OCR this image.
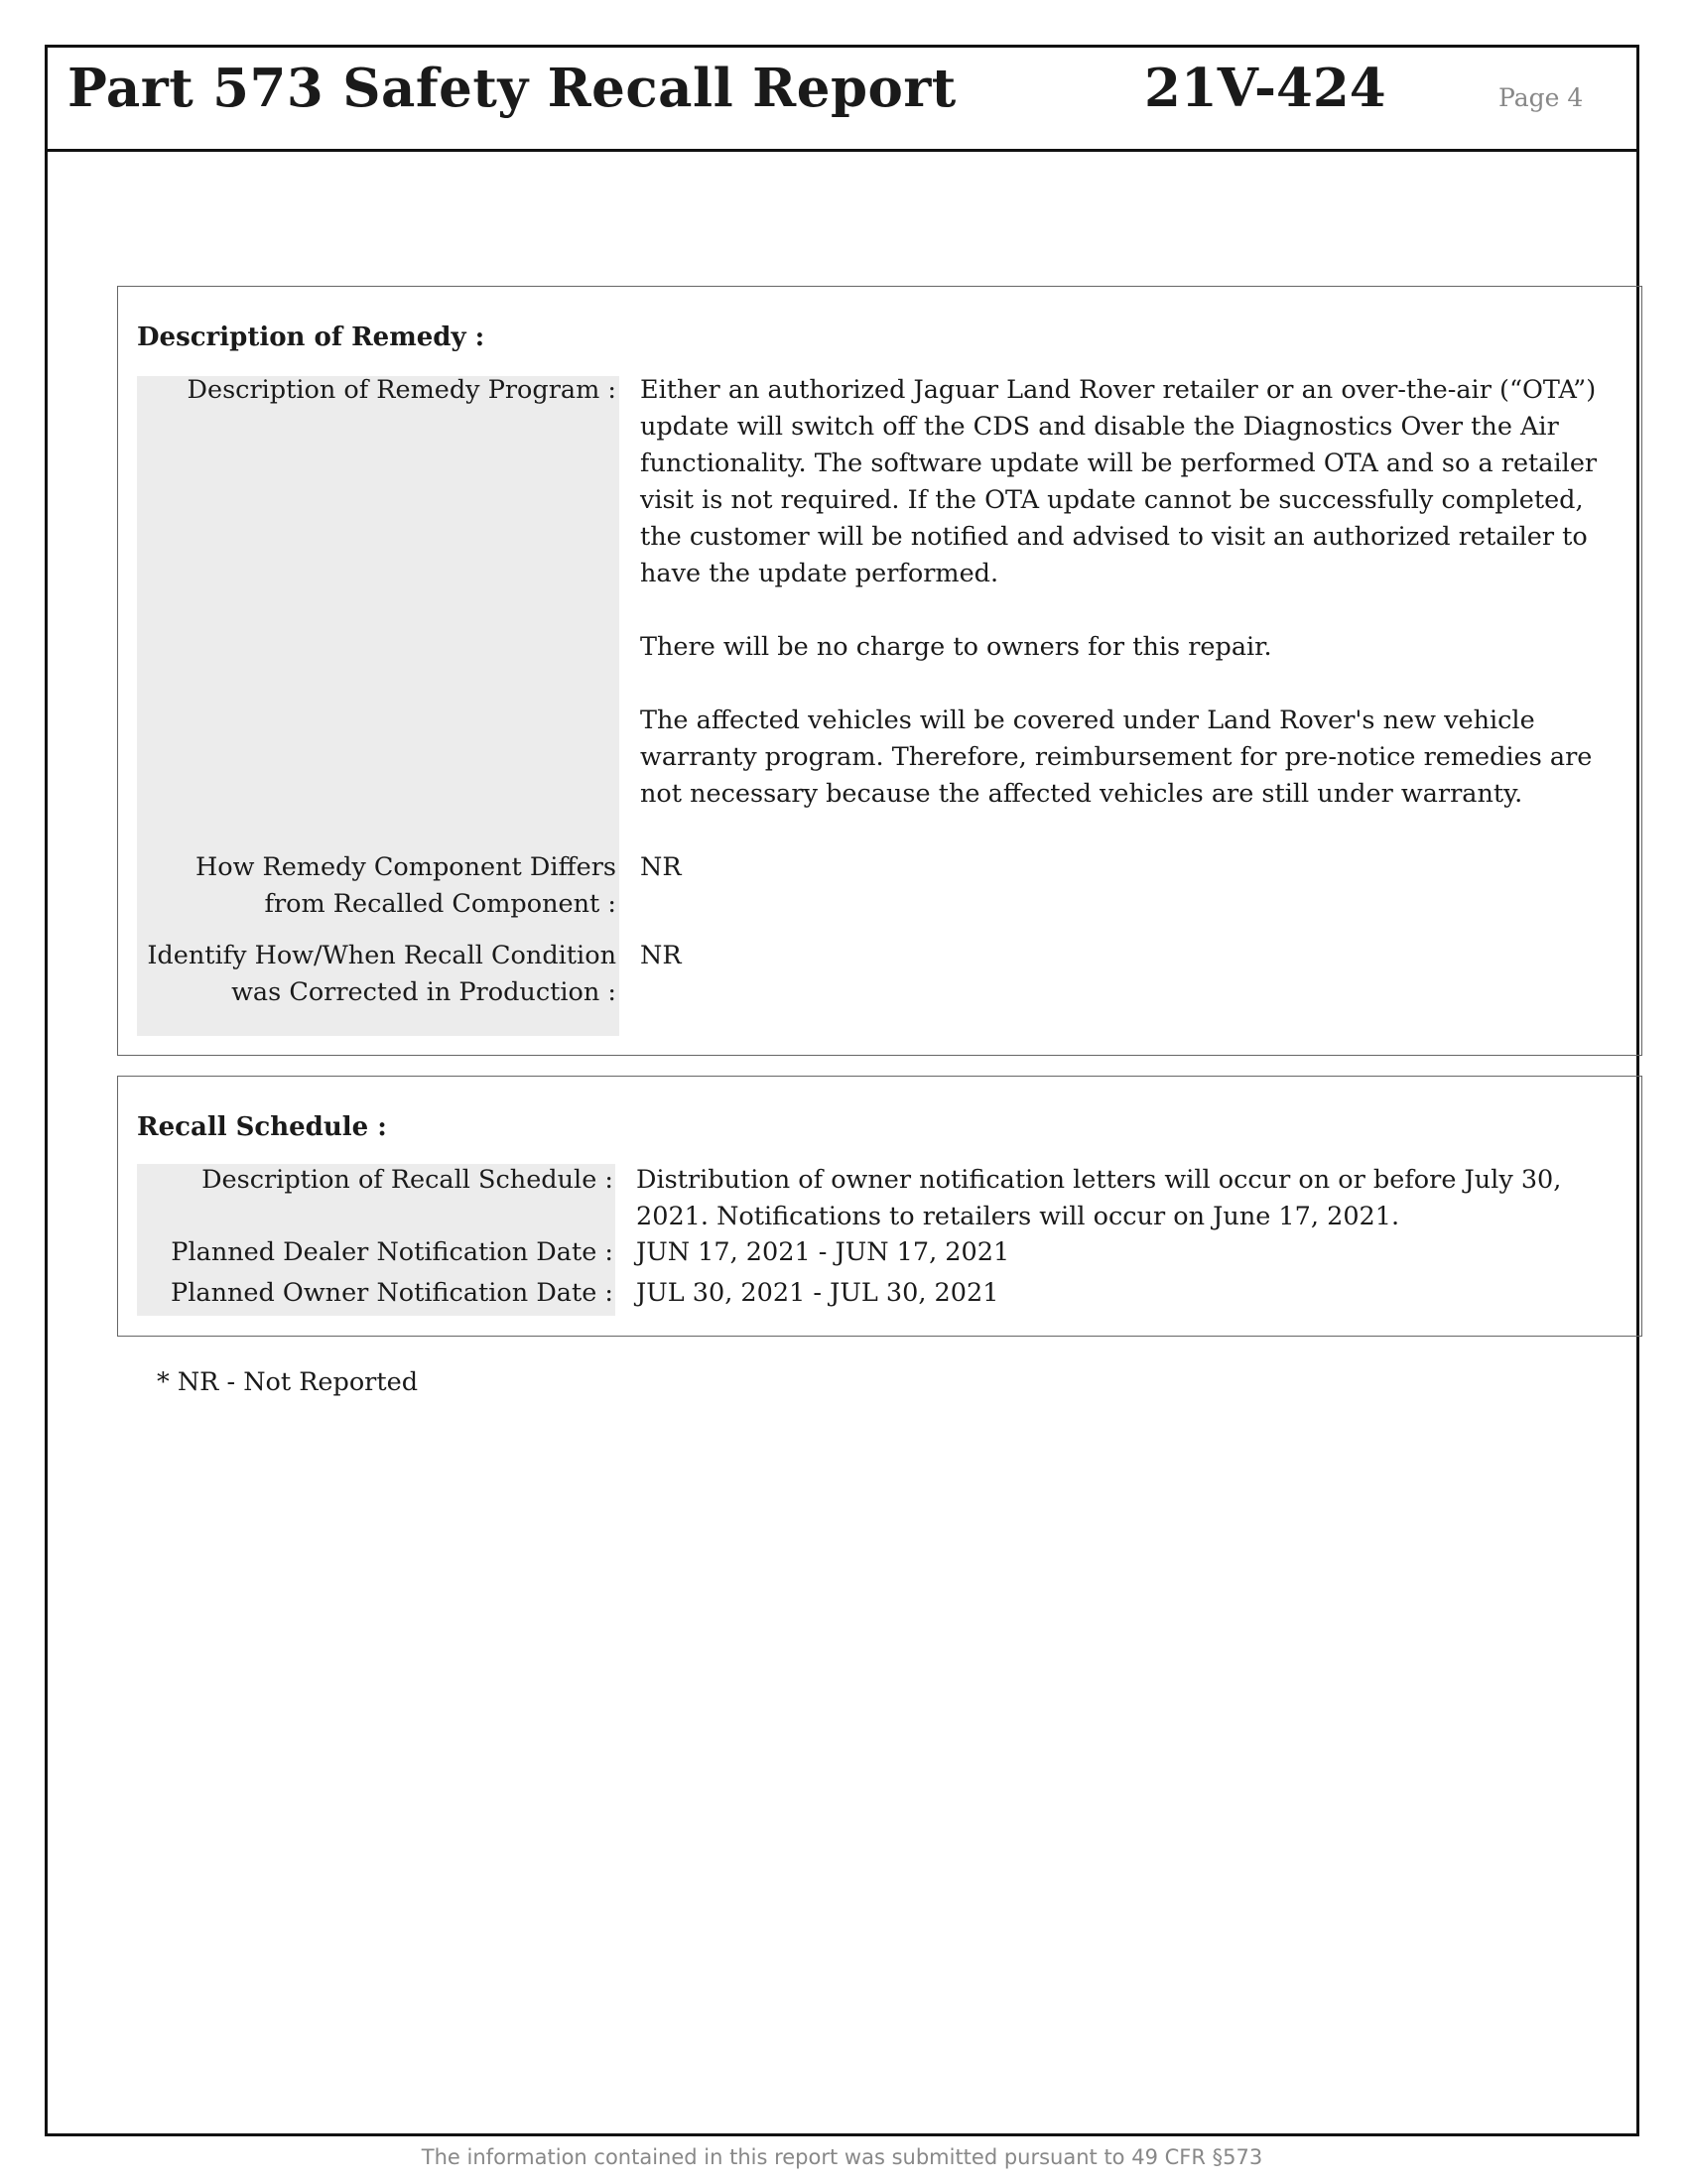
Part 573 Safety Recall Report	21V-424	Page 4
Description of Remedy :
Description of Remedy Program : Either an authorized Jaguar Land Rover retailer or an over-the-air (“OTA”) update will switch off the CDS and disable the Diagnostics Over the Air functionality. The software update will be performed OTA and so a retailer visit is not required. If the OTA update cannot be successfully completed, the customer will be notified and advised to visit an authorized retailer to have the update performed.

There will be no charge to owners for this repair.

The affected vehicles will be covered under Land Rover's new vehicle warranty program. Therefore, reimbursement for pre-notice remedies are not necessary because the affected vehicles are still under warranty.

How Remedy Component Differs
from Recalled Component :
NR
Identify How/When Recall Condition
was Corrected in Production :
NR
Recall Schedule :
Description of Recall Schedule : Distribution of owner notification letters will occur on or before July 30, 2021. Notifications to retailers will occur on June 17, 2021.
Planned Dealer Notification Date : JUN 17, 2021 - JUN 17, 2021
Planned Owner Notification Date : JUL 30, 2021 - JUL 30, 2021
* NR - Not Reported
The information contained in this report was submitted pursuant to 49 CFR §573
